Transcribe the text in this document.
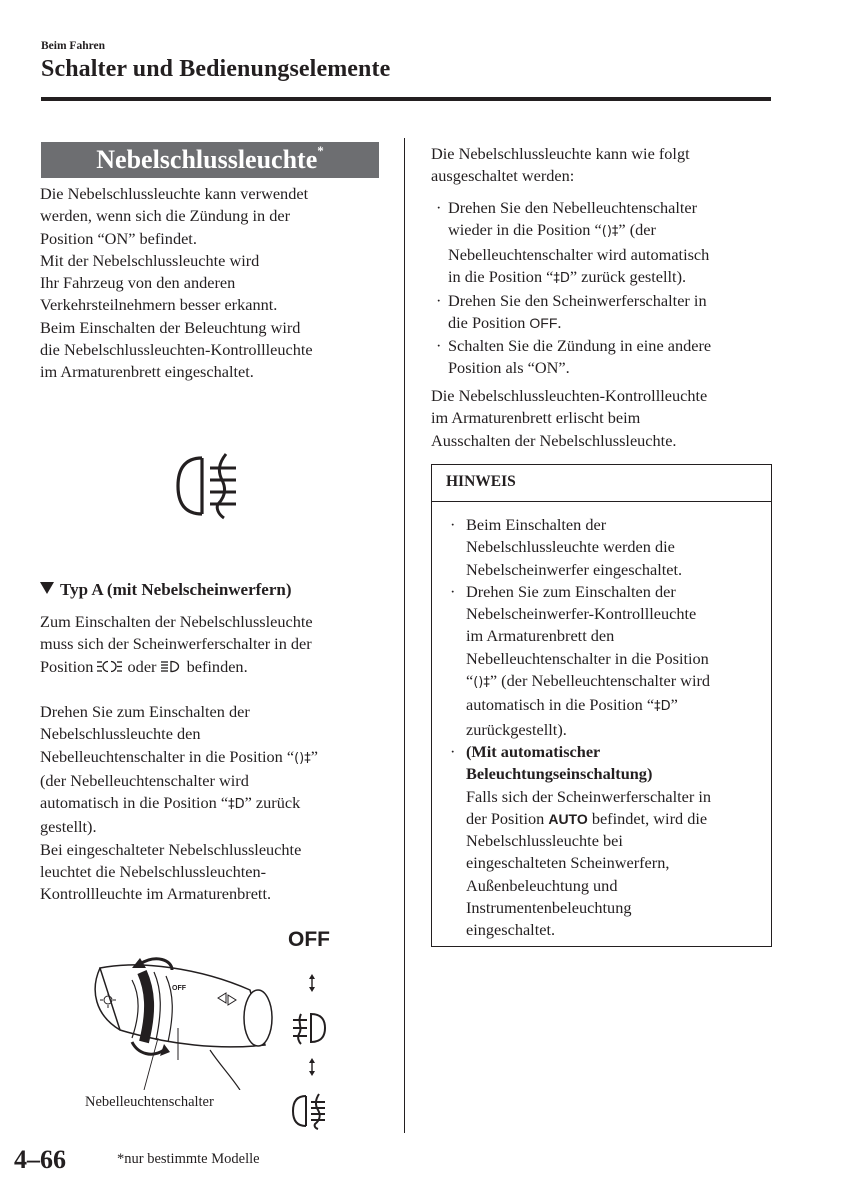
Beim Fahren
Schalter und Bedienungselemente
Nebelschlussleuchte*

Die Nebelschlussleuchte kann verwendet

werden, wenn sich die Zündung in der

Position “ON” befindet.

Mit der Nebelschlussleuchte wird

Ihr Fahrzeug von den anderen

Verkehrsteilnehmern besser erkannt.

Beim Einschalten der Beleuchtung wird

die Nebelschlussleuchten-Kontrollleuchte

im Armaturenbrett eingeschaltet.

Typ A (mit Nebelscheinwerfern)

Zum Einschalten der Nebelschlussleuchte

muss sich der Scheinwerferschalter in der

Position  oder  befinden.

Drehen Sie zum Einschalten der

Nebelschlussleuchte den

Nebelleuchtenschalter in die Position “()‡”

(der Nebelleuchtenschalter wird

automatisch in die Position “‡D” zurück

gestellt).

Bei eingeschalteter Nebelschlussleuchte

leuchtet die Nebelschlussleuchten-

Kontrollleuchte im Armaturenbrett.

OFF
OFF
Nebelleuchtenschalter

Die Nebelschlussleuchte kann wie folgt

ausgeschaltet werden:

· Drehen Sie den Nebelleuchtenschalter
wieder in die Position “()‡” (der
Nebelleuchtenschalter wird automatisch
in die Position “‡D” zurück gestellt).
· Drehen Sie den Scheinwerferschalter in
die Position OFF.
· Schalten Sie die Zündung in eine andere
Position als “ON”.

Die Nebelschlussleuchten-Kontrollleuchte

im Armaturenbrett erlischt beim

Ausschalten der Nebelschlussleuchte.

HINWEIS
· Beim Einschalten der
Nebelschlussleuchte werden die
Nebelscheinwerfer eingeschaltet.
· Drehen Sie zum Einschalten der
Nebelscheinwerfer-Kontrollleuchte
im Armaturenbrett den
Nebelleuchtenschalter in die Position
“()‡” (der Nebelleuchtenschalter wird
automatisch in die Position “‡D”
zurückgestellt).
· (Mit automatischer
Beleuchtungseinschaltung)
Falls sich der Scheinwerferschalter in
der Position AUTO befindet, wird die
Nebelschlussleuchte bei
eingeschalteten Scheinwerfern,
Außenbeleuchtung und
Instrumentenbeleuchtung
eingeschaltet.
4–66	*nur bestimmte Modelle
